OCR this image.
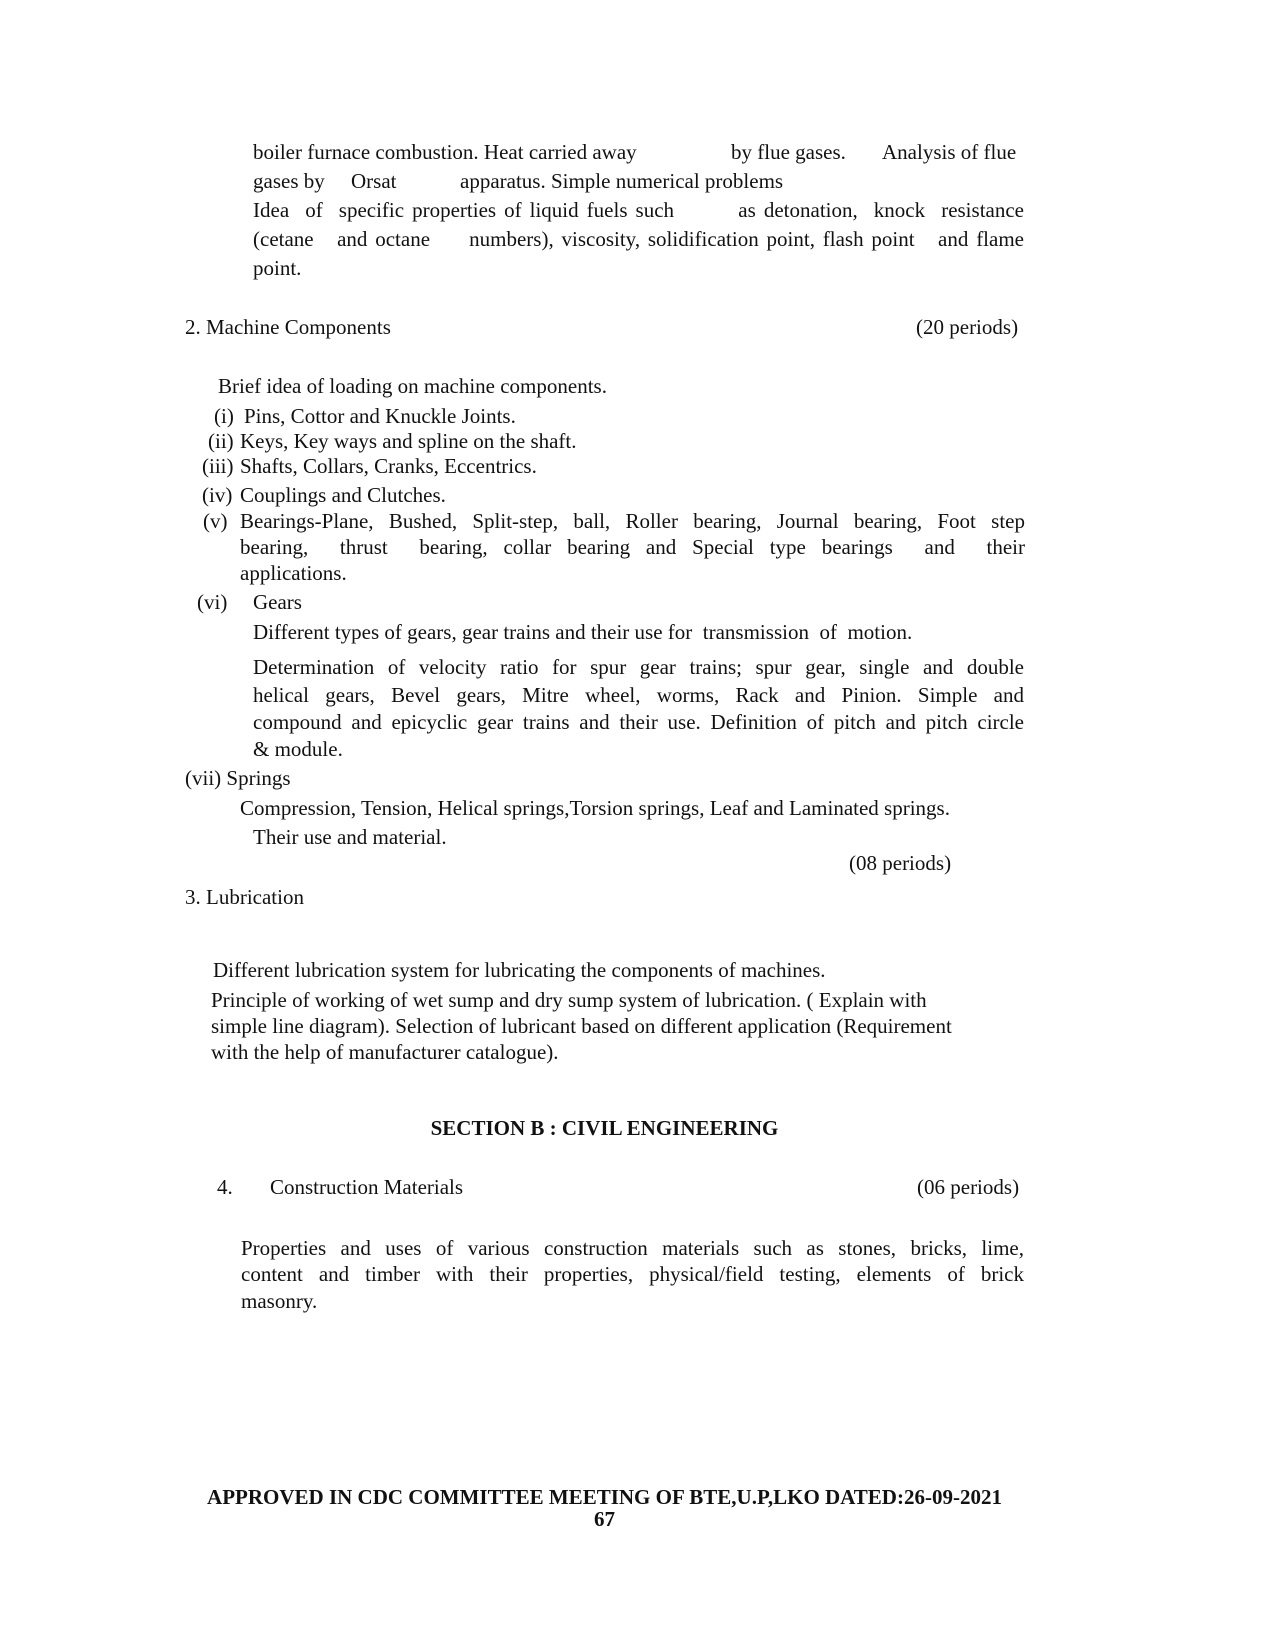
boiler furnace combustion. Heat carried away	by flue gases. Analysis of flue
gases by Orsat	apparatus. Simple numerical problems
Idea  of  specific properties of liquid fuels such        as detonation,  knock  resistance
(cetane   and octane     numbers), viscosity, solidification point, flash point   and flame
point.
2. Machine Components	(20 periods)
Brief idea of loading on machine components.
(i) Pins, Cottor and Knuckle Joints.
(ii) Keys, Key ways and spline on the shaft.
(iii) Shafts, Collars, Cranks, Eccentrics.
(iv) Couplings and Clutches.
(v) Bearings-Plane, Bushed, Split-step, ball, Roller bearing, Journal bearing, Foot step
bearing,  thrust  bearing, collar bearing and Special type bearings  and  their
applications.
(vi) Gears
Different types of gears, gear trains and their use for  transmission  of  motion.
Determination of velocity ratio for spur gear trains; spur gear, single and double
helical gears, Bevel gears, Mitre wheel, worms, Rack and Pinion. Simple and
compound and epicyclic gear trains and their use. Definition of pitch and pitch circle
& module.
(vii) Springs
Compression, Tension, Helical springs,Torsion springs, Leaf and Laminated springs.
Their use and material.
(08 periods)
3. Lubrication
Different lubrication system for lubricating the components of machines.
Principle of working of wet sump and dry sump system of lubrication. ( Explain with
simple line diagram). Selection of lubricant based on different application (Requirement
with the help of manufacturer catalogue).
SECTION B : CIVIL ENGINEERING
4. Construction Materials	(06 periods)
Properties and uses of various construction materials such as stones, bricks, lime,
content and timber with their properties, physical/field testing, elements of brick
masonry.
APPROVED IN CDC COMMITTEE MEETING OF BTE,U.P,LKO DATED:26-09-2021
67
